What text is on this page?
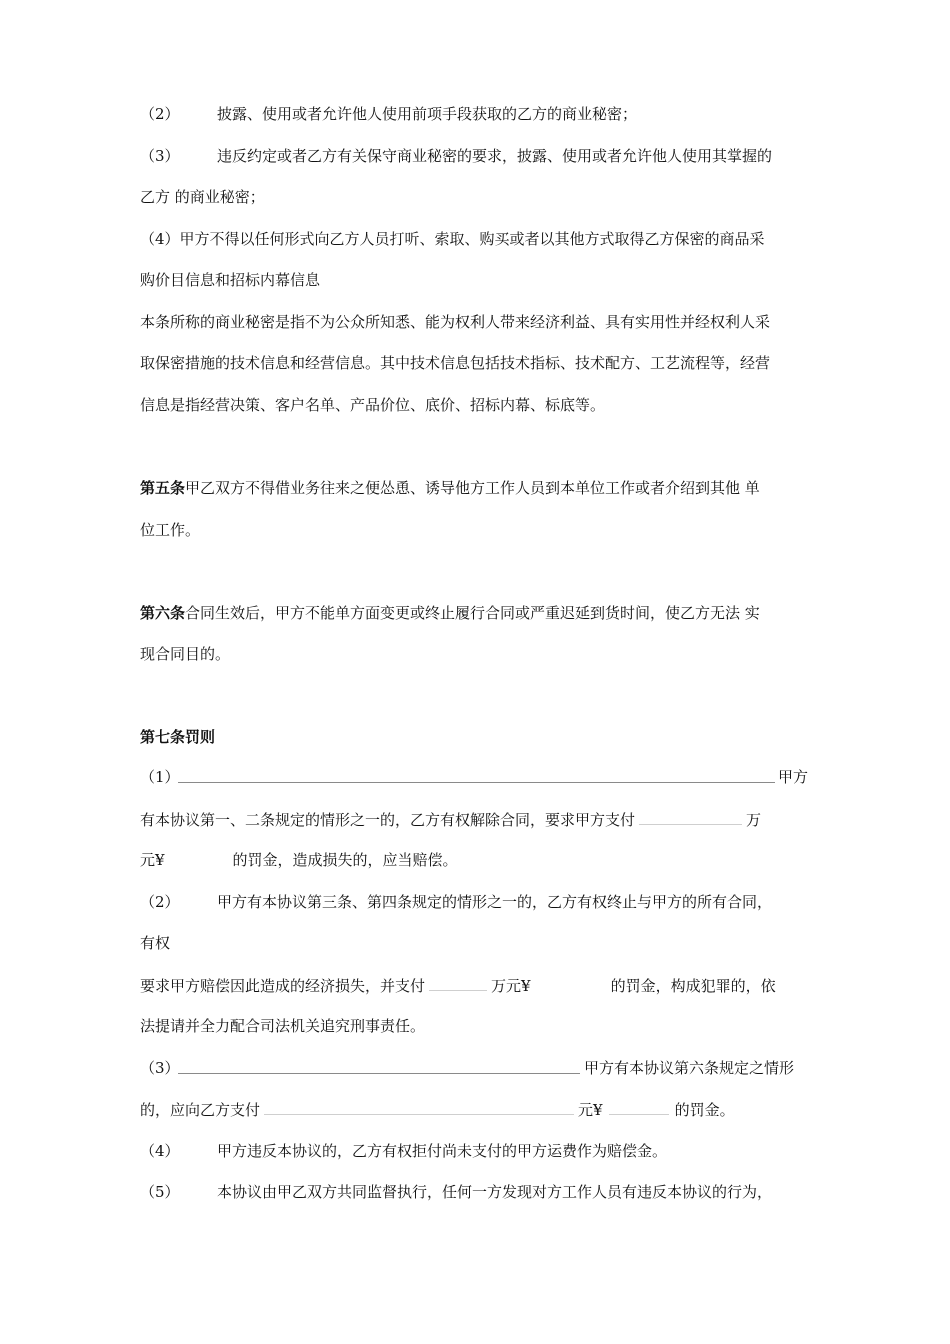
（2） 披露、使用或者允许他人使用前项手段获取的乙方的商业秘密；
（3） 违反约定或者乙方有关保守商业秘密的要求，披露、使用或者允许他人使用其掌握的
乙方 的商业秘密；
（4）甲方不得以任何形式向乙方人员打听、索取、购买或者以其他方式取得乙方保密的商品采
购价目信息和招标内幕信息
本条所称的商业秘密是指不为公众所知悉、能为权利人带来经济利益、具有实用性并经权利人采
取保密措施的技术信息和经营信息。其中技术信息包括技术指标、技术配方、工艺流程等，经营
信息是指经营决策、客户名单、产品价位、底价、招标内幕、标底等。
第五条甲乙双方不得借业务往来之便怂恿、诱导他方工作人员到本单位工作或者介绍到其他 单
位工作。
第六条合同生效后，甲方不能单方面变更或终止履行合同或严重迟延到货时间，使乙方无法 实
现合同目的。
第七条罚则
（1）	甲方
有本协议第一、二条规定的情形之一的，乙方有权解除合同，要求甲方支付	万
元¥	的罚金，造成损失的，应当赔偿。
（2） 甲方有本协议第三条、第四条规定的情形之一的，乙方有权终止与甲方的所有合同，
有权
要求甲方赔偿因此造成的经济损失，并支付	万元¥	的罚金，构成犯罪的，依
法提请并全力配合司法机关追究刑事责任。
（3）	甲方有本协议第六条规定之情形
的，应向乙方支付	元¥	的罚金。
（4） 甲方违反本协议的，乙方有权拒付尚未支付的甲方运费作为赔偿金。
（5） 本协议由甲乙双方共同监督执行，任何一方发现对方工作人员有违反本协议的行为，
